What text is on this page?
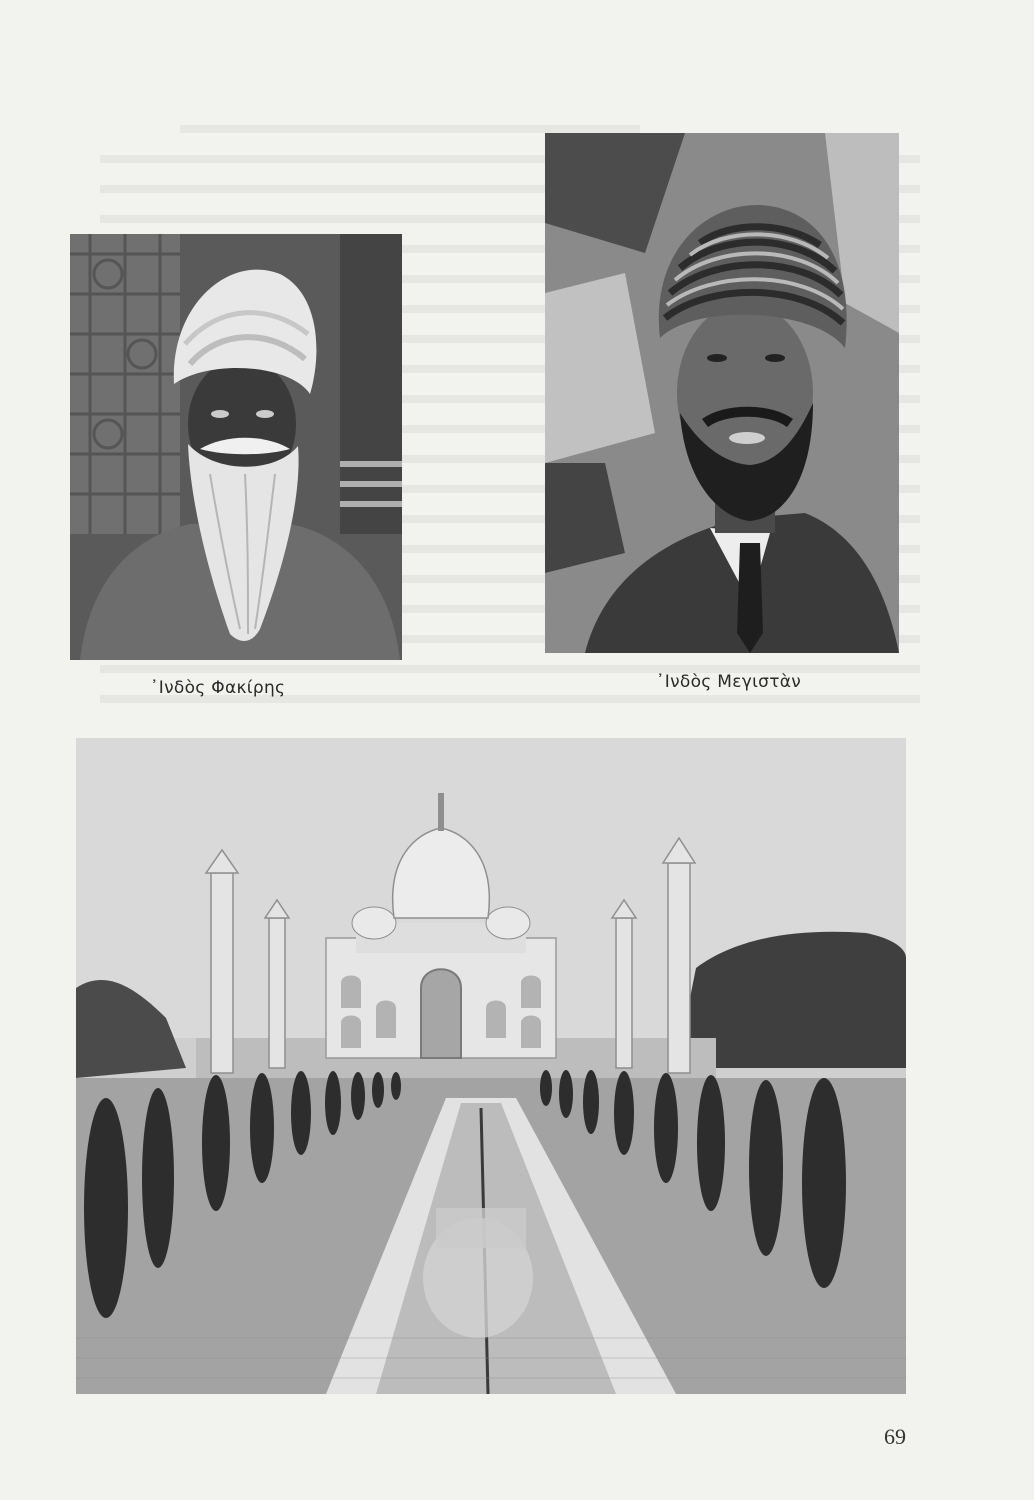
᾿Ινδὸς Φακίρης	᾿Ινδὸς Μεγιστὰν
69
